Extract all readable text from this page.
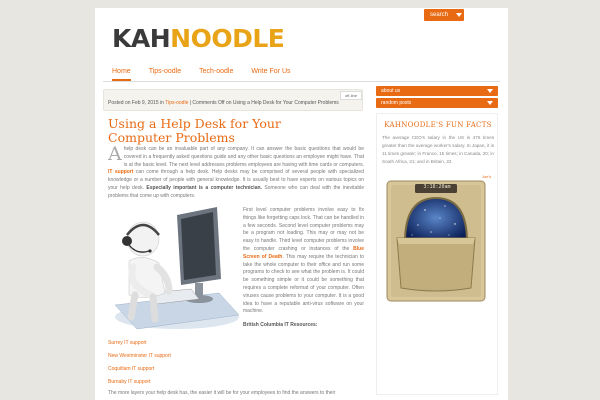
KAHNOODLE
search
Home	Tips-oodle	Tech-oodle	Write For Us
Posted on Feb 9, 2015 in Tips-oodle | Comments Off on Using a Help Desk for Your Computer Problems
off-line
Using a Help Desk for Your Computer Problems
Ahelp desk can be an invaluable part of any company. It can answer the basic questions that would be covered in a frequently asked questions guide and any other basic questions an employee might have. That is at the basic level. The next level addresses problems employees are having with time cards or computers. IT support can come through a help desk. Help desks may be comprised of several people with specialized knowledge or a number of people with general knowledge. It is usually best to have experts on various topics on your help desk. Especially important is a computer technician. Someone who can deal with the inevitable problems that come up with computers.
First level computer problems involve easy to fix things like forgetting caps lock. That can be handled in a few seconds. Second level computer problems may be a program not loading. This may or may not be easy to handle. Third level computer problems involve the computer crashing or instances of the Blue Screen of Death. This may require the technician to take the whole computer to their office and run some programs to check to see what the problem is. It could be something simple or it could be something that requires a complete reformat of your computer. Often viruses cause problems to your computer. It is a good idea to have a reputable anti-virus software on your machine.
British Columbia IT Resources:
Surrey IT support
New Westminster IT support
Coquitlam IT support
Burnaby IT support
The more layers your help desk has, the easier it will be for your employees to find the answers to their
about us
random posts
KAHNOODLE'S FUN FACTS
The average CEO's salary in the US is 475 times greater than the average worker's salary. In Japan, it is 11 times greater; in France, 15 times; in Canada, 20; in South Africa, 21; and in Britain, 22.
Joe's
3:18:20am
